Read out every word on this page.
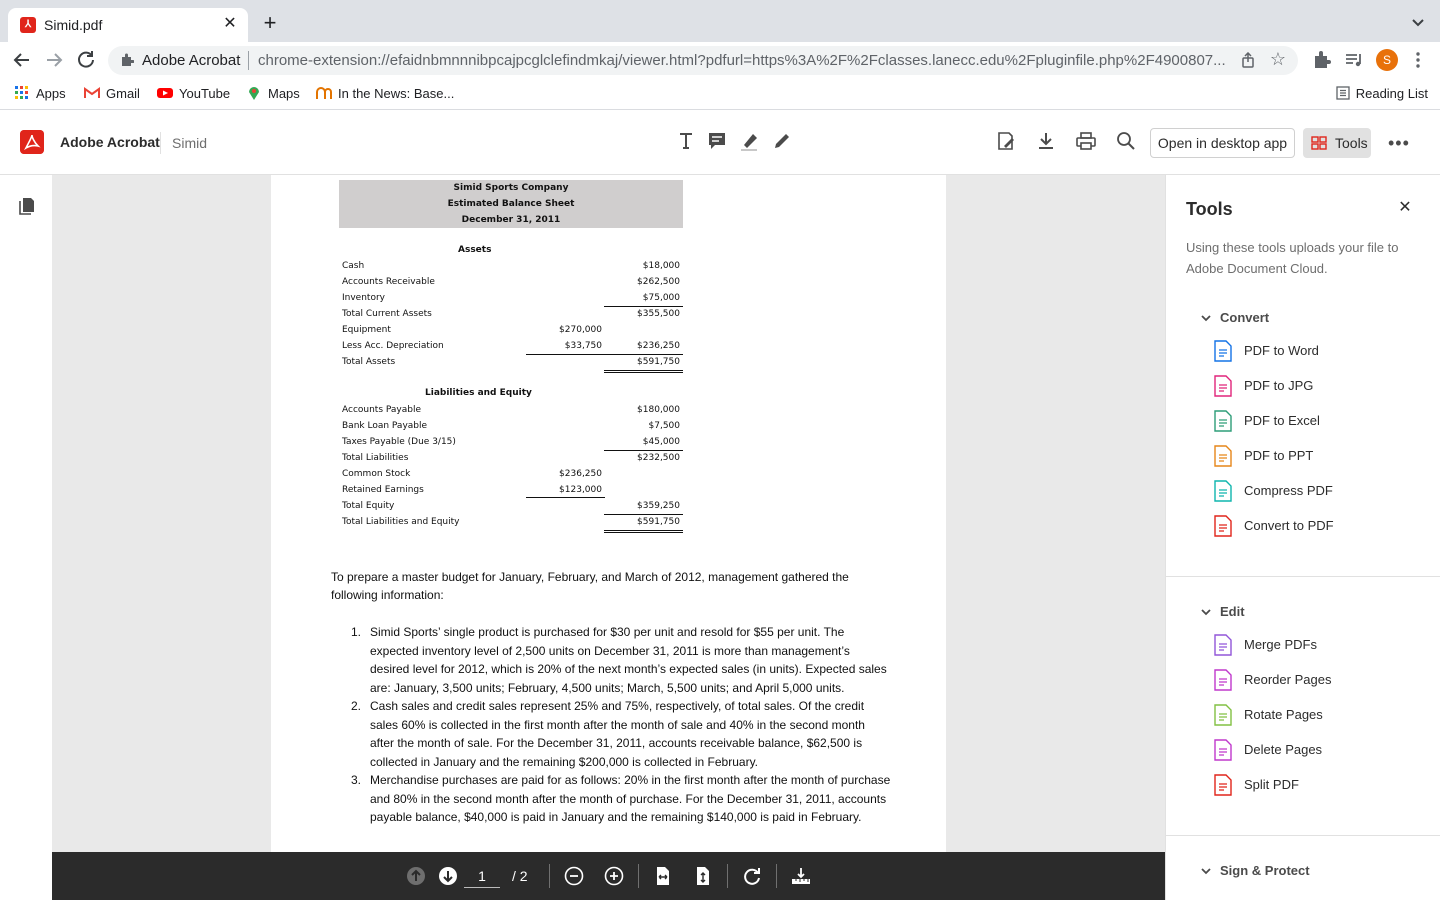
⅄ Simid.pdf	✕ +
Adobe Acrobat chrome-extension://efaidnbmnnnibpcajpcglclefindmkaj/viewer.html?pdfurl=https%3A%2F%2Fclasses.lanecc.edu%2Fpluginfile.php%2F4900807...	☆	S
Apps	Gmail	YouTube	Maps	In the News: Base...	Reading List
Adobe Acrobat Simid	Open in desktop app	Tools •••
Simid Sports Company
Estimated Balance Sheet
December 31, 2011
Assets
Liabilities and Equity
Cash	$18,000
Accounts Receivable	$262,500
Inventory	$75,000
Total Current Assets	$355,500
Equipment	$270,000
Less Acc. Depreciation	$33,750	$236,250
Total Assets	$591,750
Accounts Payable	$180,000
Bank Loan Payable	$7,500
Taxes Payable (Due 3/15)	$45,000
Total Liabilities	$232,500
Common Stock	$236,250
Retained Earnings	$123,000
Total Equity	$359,250
Total Liabilities and Equity	$591,750
To prepare a master budget for January, February, and March of 2012, management gathered the following information:
1. Simid Sports’ single product is purchased for $30 per unit and resold for $55 per unit. The expected inventory level of 2,500 units on December 31, 2011 is more than management’s desired level for 2012, which is 20% of the next month’s expected sales (in units). Expected sales are: January, 3,500 units; February, 4,500 units; March, 5,500 units; and April 5,000 units.
2. Cash sales and credit sales represent 25% and 75%, respectively, of total sales. Of the credit sales 60% is collected in the first month after the month of sale and 40% in the second month after the month of sale. For the December 31, 2011, accounts receivable balance, $62,500 is collected in January and the remaining $200,000 is collected in February.
3. Merchandise purchases are paid for as follows: 20% in the first month after the month of purchase and 80% in the second month after the month of purchase. For the December 31, 2011, accounts payable balance, $40,000 is paid in January and the remaining $140,000 is paid in February.
1	/ 2
Tools	✕
Using these tools uploads your file to Adobe Document Cloud.
Convert
PDF to Word
PDF to JPG
PDF to Excel
PDF to PPT
Compress PDF
Convert to PDF
Edit
Merge PDFs
Reorder Pages
Rotate Pages
Delete Pages
Split PDF
Sign & Protect
